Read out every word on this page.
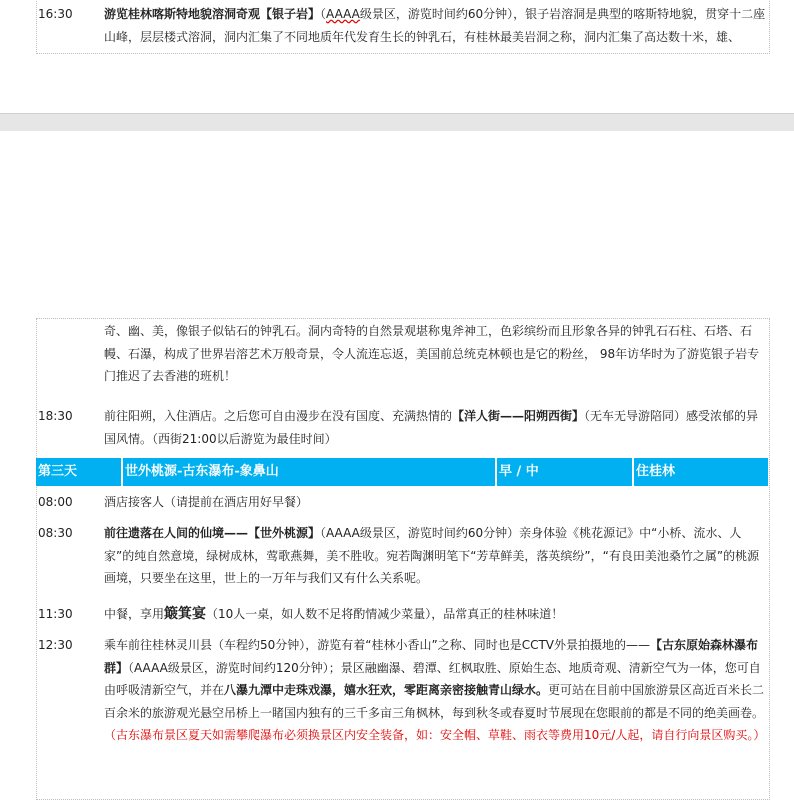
16:30	游览桂林喀斯特地貌溶洞奇观【银子岩】（AAAA级景区，游览时间约60分钟），银子岩溶洞是典型的喀斯特地貌，贯穿十二座山峰，层层楼式溶洞，洞内汇集了不同地质年代发育生长的钟乳石，有桂林最美岩洞之称，洞内汇集了高达数十米，雄、
奇、幽、美，像银子似钻石的钟乳石。洞内奇特的自然景观堪称鬼斧神工，色彩缤纷而且形象各异的钟乳石石柱、石塔、石幔、石瀑，构成了世界岩溶艺术万般奇景，令人流连忘返，美国前总统克林顿也是它的粉丝， 98年访华时为了游览银子岩专门推迟了去香港的班机！
18:30	前往阳朔，入住酒店。之后您可自由漫步在没有国度、充满热情的【洋人街——阳朔西街】（无车无导游陪同）感受浓郁的异国风情。（西街21:00以后游览为最佳时间）
第三天	世外桃源-古东瀑布-象鼻山	早 / 中	住桂林
08:00	酒店接客人（请提前在酒店用好早餐）
08:30	前往遗落在人间的仙境——【世外桃源】（AAAA级景区，游览时间约60分钟）亲身体验《桃花源记》中“小桥、流水、人家”的纯自然意境，绿树成林，莺歌燕舞，美不胜收。宛若陶渊明笔下“芳草鲜美，落英缤纷”，“有良田美池桑竹之属”的桃源画境，只要坐在这里，世上的一万年与我们又有什么关系呢。
11:30	中餐，享用簸箕宴（10人一桌，如人数不足将酌情减少菜量），品常真正的桂林味道！
12:30	乘车前往桂林灵川县（车程约50分钟），游览有着“桂林小香山”之称、同时也是CCTV外景拍摄地的——【古东原始森林瀑布群】（AAAA级景区，游览时间约120分钟）；景区融幽瀑、碧潭、红枫取胜、原始生态、地质奇观、清新空气为一体，您可自由呼吸清新空气，并在八瀑九潭中走珠戏瀑，嬉水狂欢，零距离亲密接触青山绿水。更可站在目前中国旅游景区高近百米长二百余米的旅游观光悬空吊桥上一睹国内独有的三千多亩三角枫林，每到秋冬或春夏时节展现在您眼前的都是不同的绝美画卷。（古东瀑布景区夏天如需攀爬瀑布必须换景区内安全装备，如：安全帽、草鞋、雨衣等费用10元/人起，请自行向景区购买。）
